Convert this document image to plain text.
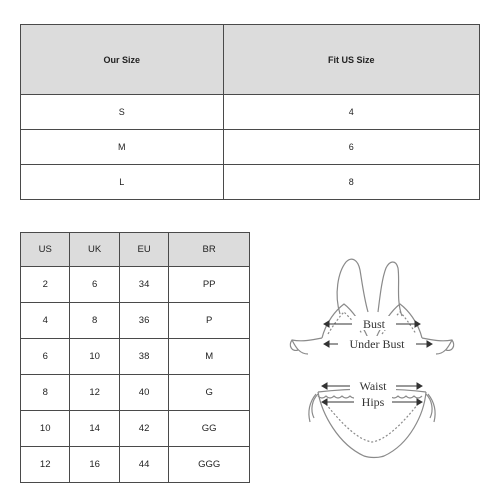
Our Size	Fit US Size
S	4
M	6
L	8
US	UK	EU	BR
2	6	34	PP
4	8	36	P
6	10	38	M
8	12	40	G
10	14	42	GG
12	16	44	GGG
Bust
Under Bust
Waist
Hips
